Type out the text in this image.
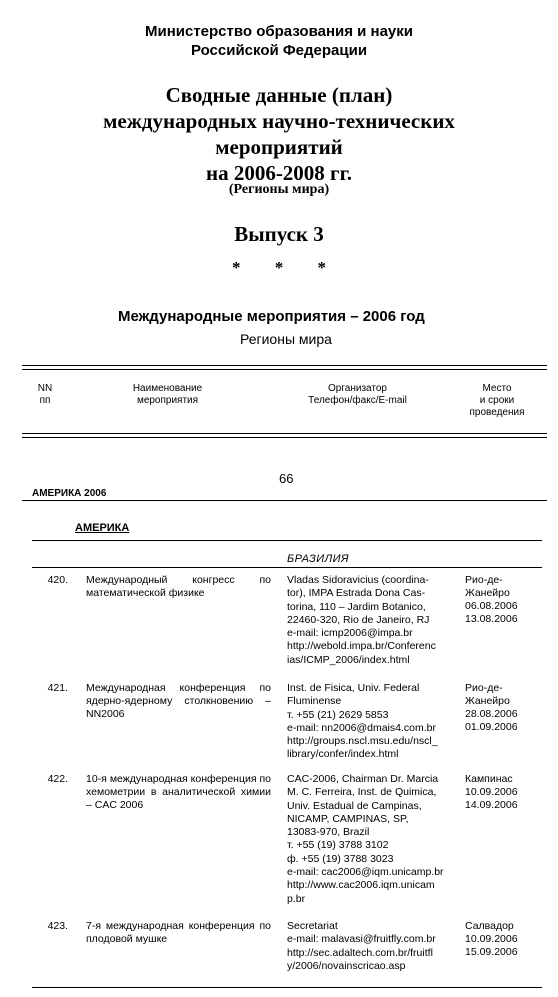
Министерство образования и науки
Российской Федерации
Сводные данные (план)
международных научно-технических
мероприятий
на 2006-2008 гг.
(Регионы мира)
Выпуск 3
* * *
Международные мероприятия – 2006 год
Регионы мира
NN
пп
Наименование
мероприятия
Организатор
Телефон/факс/E-mail
Место
и сроки
проведения
66
АМЕРИКА 2006
АМЕРИКА
БРАЗИЛИЯ
420. Международный конгресс по математической физике
Vladas Sidoravicius (coordina-
tor), IMPA Estrada Dona Cas-
torina, 110 – Jardim Botanico,
22460-320, Rio de Janeiro, RJ
e-mail: icmp2006@impa.br
http://webold.impa.br/Conferenc
ias/ICMP_2006/index.html
Рио-де-
Жанейро
06.08.2006
13.08.2006
421. Международная конференция по ядерно-ядерному столкновению – NN2006
Inst. de Fisica, Univ. Federal
Fluminense
т. +55 (21) 2629 5853
e-mail: nn2006@dmais4.com.br
http://groups.nscl.msu.edu/nscl_
library/confer/index.html
Рио-де-
Жанейро
28.08.2006
01.09.2006
422. 10-я международная конференция по хемометрии в аналитической химии – CAC 2006
CAC-2006, Chairman Dr. Marcia
M. C. Ferreira, Inst. de Quimica,
Univ. Estadual de Campinas,
NICAMP, CAMPINAS, SP,
13083-970, Brazil
т. +55 (19) 3788 3102
ф. +55 (19) 3788 3023
e-mail: cac2006@iqm.unicamp.br
http://www.cac2006.iqm.unicam
p.br
Кампинас
10.09.2006
14.09.2006
423. 7-я международная конференция по плодовой мушке
Secretariat
e-mail: malavasi@fruitfly.com.br
http://sec.adaltech.com.br/fruitfl
y/2006/novainscricao.asp
Салвадор
10.09.2006
15.09.2006
